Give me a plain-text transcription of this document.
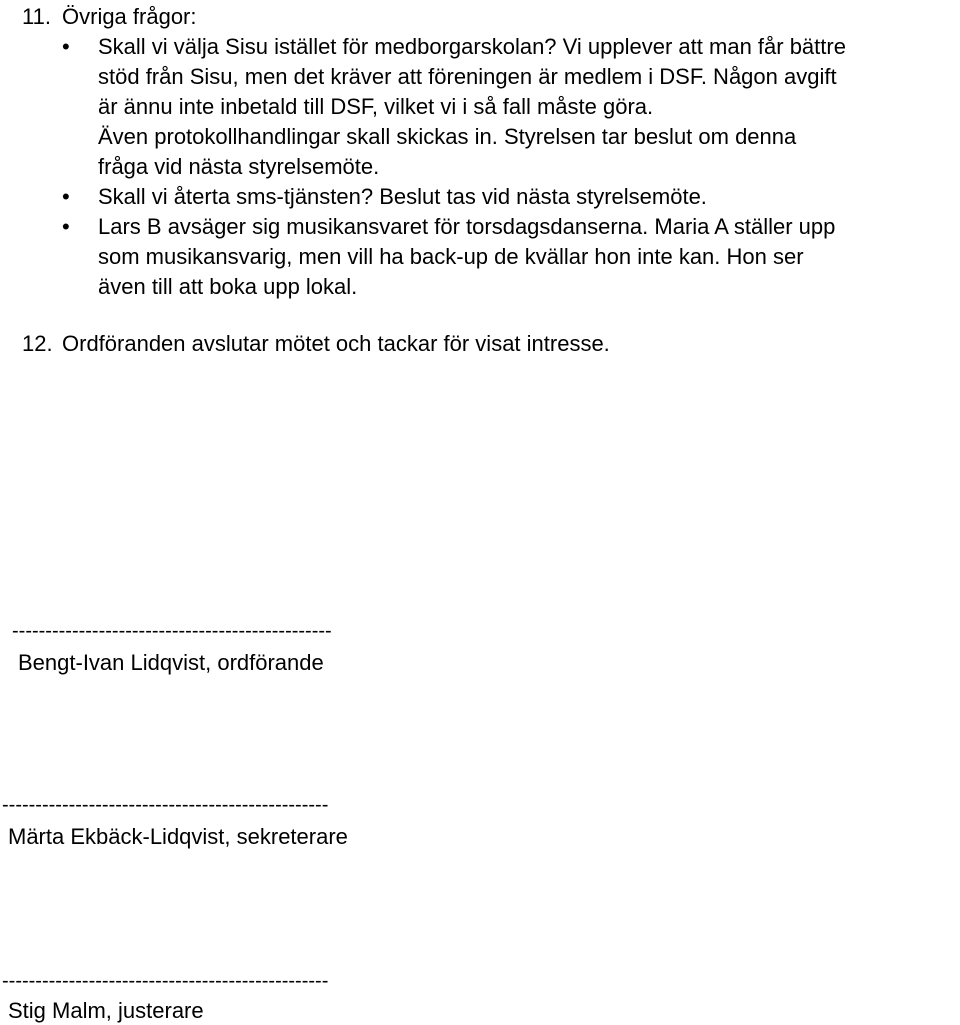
11. Övriga frågor:
• Skall vi välja Sisu istället för medborgarskolan? Vi upplever att man får bättre
stöd från Sisu, men det kräver att föreningen är medlem i DSF. Någon avgift
är ännu inte inbetald till DSF, vilket vi i så fall måste göra.
Även protokollhandlingar skall skickas in. Styrelsen tar beslut om denna
fråga vid nästa styrelsemöte.
• Skall vi återta sms-tjänsten? Beslut tas vid nästa styrelsemöte.
• Lars B avsäger sig musikansvaret för torsdagsdanserna. Maria A ställer upp
som musikansvarig, men vill ha back-up de kvällar hon inte kan. Hon ser
även till att boka upp lokal.
12. Ordföranden avslutar mötet och tackar för visat intresse.
------------------------------------------------
Bengt-Ivan Lidqvist, ordförande
-------------------------------------------------
Märta Ekbäck-Lidqvist, sekreterare
-------------------------------------------------
Stig Malm, justerare
